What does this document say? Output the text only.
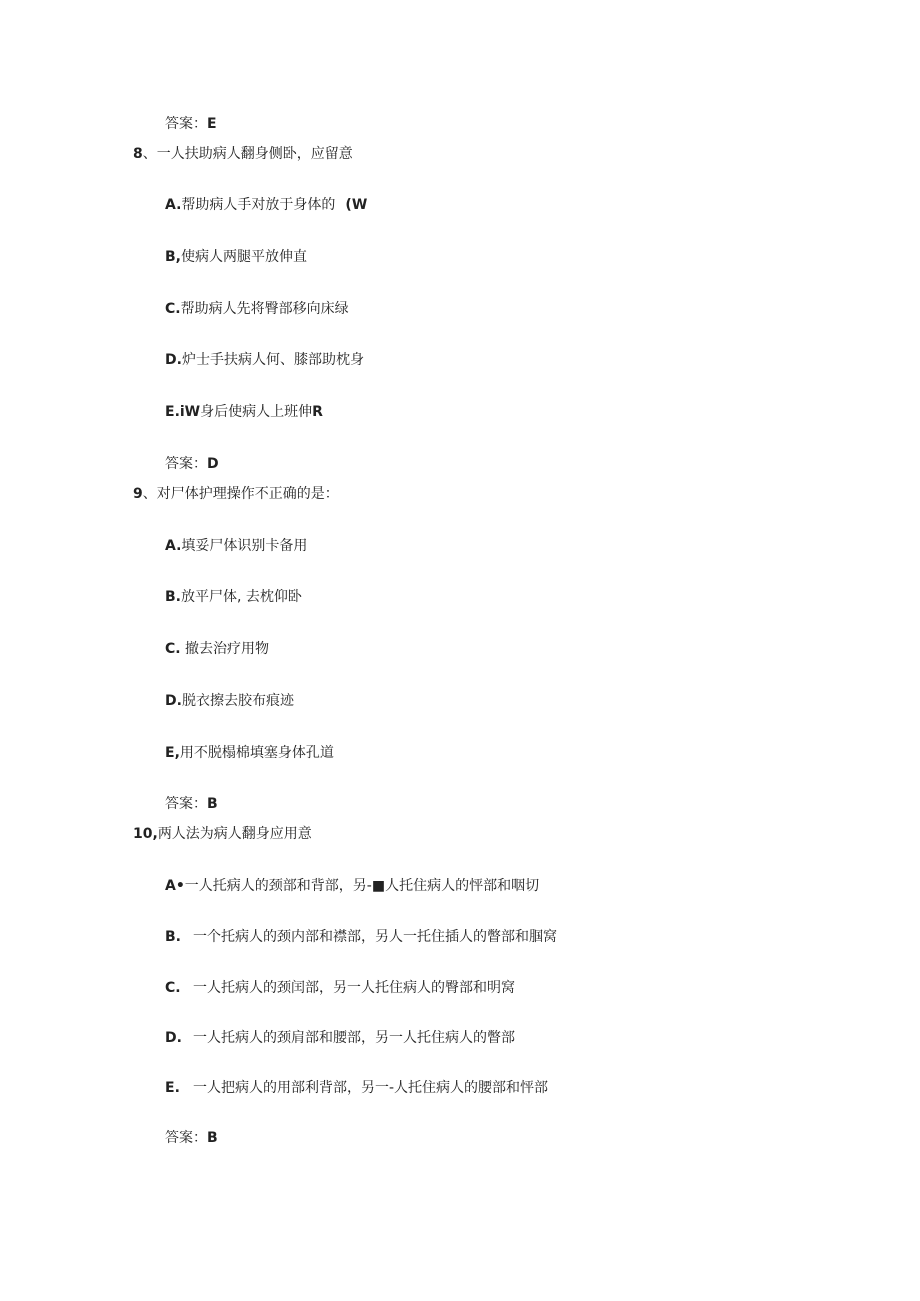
答案：E
8、一人扶助病人翻身侧卧，应留意
A.帮助病人手对放于身体的 (W
B,使病人两腿平放伸直
C.帮助病人先将臀部移向床绿
D.炉士手扶病人何、膝部助枕身
E.iW身后使病人上班伸R
答案：D
9、对尸体护理操作不正确的是：
A.填妥尸体识别卡备用
B.放平尸体, 去枕仰卧
C. 撤去治疗用物
D.脱衣擦去胶布痕迹
E,用不脱榻棉填塞身体孔道
答案：B
10,两人法为病人翻身应用意
A•一人托病人的颈部和背部，另-■人托住病人的怦部和咽切
B. 一个托病人的颈内部和襟部，另人一托住插人的瞥部和腘窝
C. 一人托病人的颈闰部，另一人托住病人的臀部和明窝
D. 一人托病人的颈肩部和腰部，另一人托住病人的瞥部
E. 一人把病人的用部利背部，另一-人托住病人的腰部和怦部
答案：B
